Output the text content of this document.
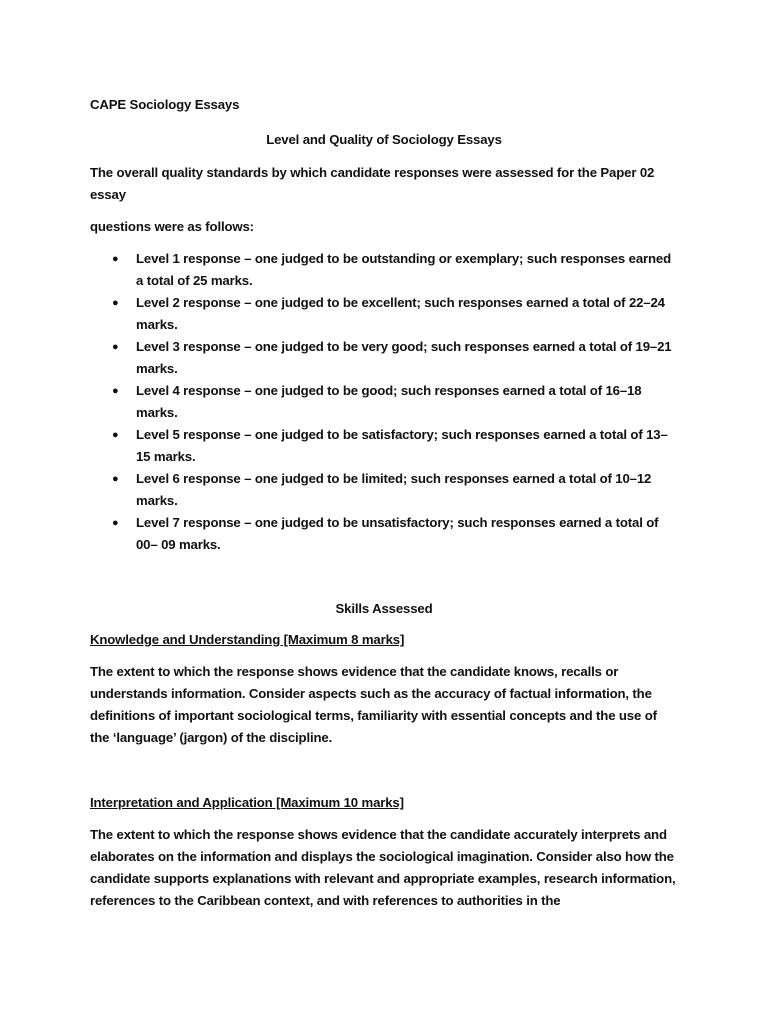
CAPE Sociology Essays

Level and Quality of Sociology Essays

The overall quality standards by which candidate responses were assessed for the Paper 02 essay

questions were as follows:

● Level 1 response – one judged to be outstanding or exemplary; such responses earned a total of 25 marks.
● Level 2 response – one judged to be excellent; such responses earned a total of 22–24 marks.
● Level 3 response – one judged to be very good; such responses earned a total of 19–21 marks.
● Level 4 response – one judged to be good; such responses earned a total of 16–18 marks.
● Level 5 response – one judged to be satisfactory; such responses earned a total of 13–15 marks.
● Level 6 response – one judged to be limited; such responses earned a total of 10–12 marks.
● Level 7 response – one judged to be unsatisfactory; such responses earned a total of 00– 09 marks.

Skills Assessed

Knowledge and Understanding [Maximum 8 marks]

The extent to which the response shows evidence that the candidate knows, recalls or understands information. Consider aspects such as the accuracy of factual information, the definitions of important sociological terms, familiarity with essential concepts and the use of the ‘language’ (jargon) of the discipline.

Interpretation and Application [Maximum 10 marks]

The extent to which the response shows evidence that the candidate accurately interprets and elaborates on the information and displays the sociological imagination. Consider also how the candidate supports explanations with relevant and appropriate examples, research information, references to the Caribbean context, and with references to authorities in the
